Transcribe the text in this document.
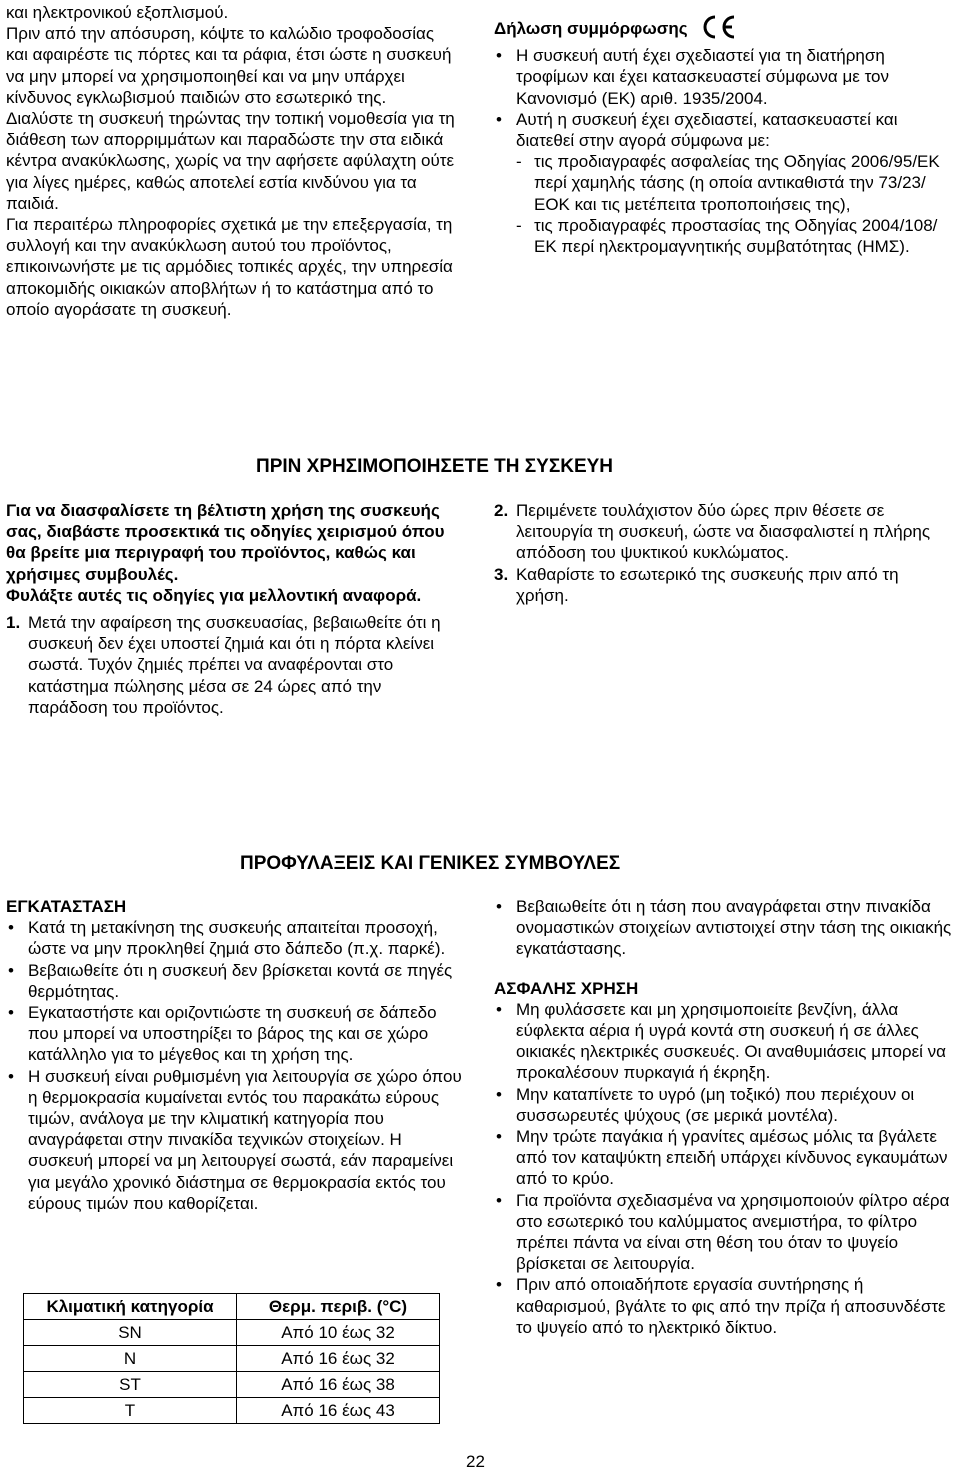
και ηλεκτρονικού εξοπλισμού.

Πριν από την απόσυρση, κόψτε το καλώδιο τροφοδοσίας και αφαιρέστε τις πόρτες και τα ράφια, έτσι ώστε η συσκευή να μην μπορεί να χρησιμοποιηθεί και να μην υπάρχει κίνδυνος εγκλωβισμού παιδιών στο εσωτερικό της.

Διαλύστε τη συσκευή τηρώντας την τοπική νομοθεσία για τη διάθεση των απορριμμάτων και παραδώστε την στα ειδικά κέντρα ανακύκλωσης, χωρίς να την αφήσετε αφύλαχτη ούτε για λίγες ημέρες, καθώς αποτελεί εστία κινδύνου για τα παιδιά.

Για περαιτέρω πληροφορίες σχετικά με την επεξεργασία, τη συλλογή και την ανακύκλωση αυτού του προϊόντος, επικοινωνήστε με τις αρμόδιες τοπικές αρχές, την υπηρεσία αποκομιδής οικιακών αποβλήτων ή το κατάστημα από το οποίο αγοράσατε τη συσκευή.

Δήλωση συμμόρφωσης

• Η συσκευή αυτή έχει σχεδιαστεί για τη διατήρηση τροφίμων και έχει κατασκευαστεί σύμφωνα με τον Κανονισμό (ΕΚ) αριθ. 1935/2004.
• Αυτή η συσκευή έχει σχεδιαστεί, κατασκευαστεί και διατεθεί στην αγορά σύμφωνα με:
- τις προδιαγραφές ασφαλείας της Οδηγίας 2006/95/ΕΚ περί χαμηλής τάσης (η οποία αντικαθιστά την 73/23/ΕΟΚ και τις μετέπειτα τροποποιήσεις της),
- τις προδιαγραφές προστασίας της Οδηγίας 2004/108/ΕΚ περί ηλεκτρομαγνητικής συμβατότητας (ΗΜΣ).
ΠΡΙΝ ΧΡΗΣΙΜΟΠΟΙΗΣΕΤΕ ΤΗ ΣΥΣΚΕΥΗ

Για να διασφαλίσετε τη βέλτιστη χρήση της συσκευής σας, διαβάστε προσεκτικά τις οδηγίες χειρισμού όπου θα βρείτε μια περιγραφή του προϊόντος, καθώς και χρήσιμες συμβουλές.

Φυλάξτε αυτές τις οδηγίες για μελλοντική αναφορά.

1. Μετά την αφαίρεση της συσκευασίας, βεβαιωθείτε ότι η συσκευή δεν έχει υποστεί ζημιά και ότι η πόρτα κλείνει σωστά. Τυχόν ζημιές πρέπει να αναφέρονται στο κατάστημα πώλησης μέσα σε 24 ώρες από την παράδοση του προϊόντος.
2. Περιμένετε τουλάχιστον δύο ώρες πριν θέσετε σε λειτουργία τη συσκευή, ώστε να διασφαλιστεί η πλήρης απόδοση του ψυκτικού κυκλώματος.
3. Καθαρίστε το εσωτερικό της συσκευής πριν από τη χρήση.
ΠΡΟΦΥΛΑΞΕΙΣ ΚΑΙ ΓΕΝΙΚΕΣ ΣΥΜΒΟΥΛΕΣ

ΕΓΚΑΤΑΣΤΑΣΗ

• Κατά τη μετακίνηση της συσκευής απαιτείται προσοχή, ώστε να μην προκληθεί ζημιά στο δάπεδο (π.χ. παρκέ).
• Βεβαιωθείτε ότι η συσκευή δεν βρίσκεται κοντά σε πηγές θερμότητας.
• Εγκαταστήστε και οριζοντιώστε τη συσκευή σε δάπεδο που μπορεί να υποστηρίξει το βάρος της και σε χώρο κατάλληλο για το μέγεθος και τη χρήση της.
• Η συσκευή είναι ρυθμισμένη για λειτουργία σε χώρο όπου η θερμοκρασία κυμαίνεται εντός του παρακάτω εύρους τιμών, ανάλογα με την κλιματική κατηγορία που αναγράφεται στην πινακίδα τεχνικών στοιχείων. Η συσκευή μπορεί να μη λειτουργεί σωστά, εάν παραμείνει για μεγάλο χρονικό διάστημα σε θερμοκρασία εκτός του εύρους τιμών που καθορίζεται.
Κλιματική κατηγορία	Θερμ. περιβ. (°C)
SN	Από 10 έως 32
N	Από 16 έως 32
ST	Από 16 έως 38
T	Από 16 έως 43
• Βεβαιωθείτε ότι η τάση που αναγράφεται στην πινακίδα ονομαστικών στοιχείων αντιστοιχεί στην τάση της οικιακής εγκατάστασης.

ΑΣΦΑΛΗΣ ΧΡΗΣΗ

• Μη φυλάσσετε και μη χρησιμοποιείτε βενζίνη, άλλα εύφλεκτα αέρια ή υγρά κοντά στη συσκευή ή σε άλλες οικιακές ηλεκτρικές συσκευές. Οι αναθυμιάσεις μπορεί να προκαλέσουν πυρκαγιά ή έκρηξη.
• Μην καταπίνετε το υγρό (μη τοξικό) που περιέχουν οι συσσωρευτές ψύχους (σε μερικά μοντέλα).
• Μην τρώτε παγάκια ή γρανίτες αμέσως μόλις τα βγάλετε από τον καταψύκτη επειδή υπάρχει κίνδυνος εγκαυμάτων από το κρύο.
• Για προϊόντα σχεδιασμένα να χρησιμοποιούν φίλτρο αέρα στο εσωτερικό του καλύμματος ανεμιστήρα, το φίλτρο πρέπει πάντα να είναι στη θέση του όταν το ψυγείο βρίσκεται σε λειτουργία.
• Πριν από οποιαδήποτε εργασία συντήρησης ή καθαρισμού, βγάλτε το φις από την πρίζα ή αποσυνδέστε το ψυγείο από το ηλεκτρικό δίκτυο.
22
